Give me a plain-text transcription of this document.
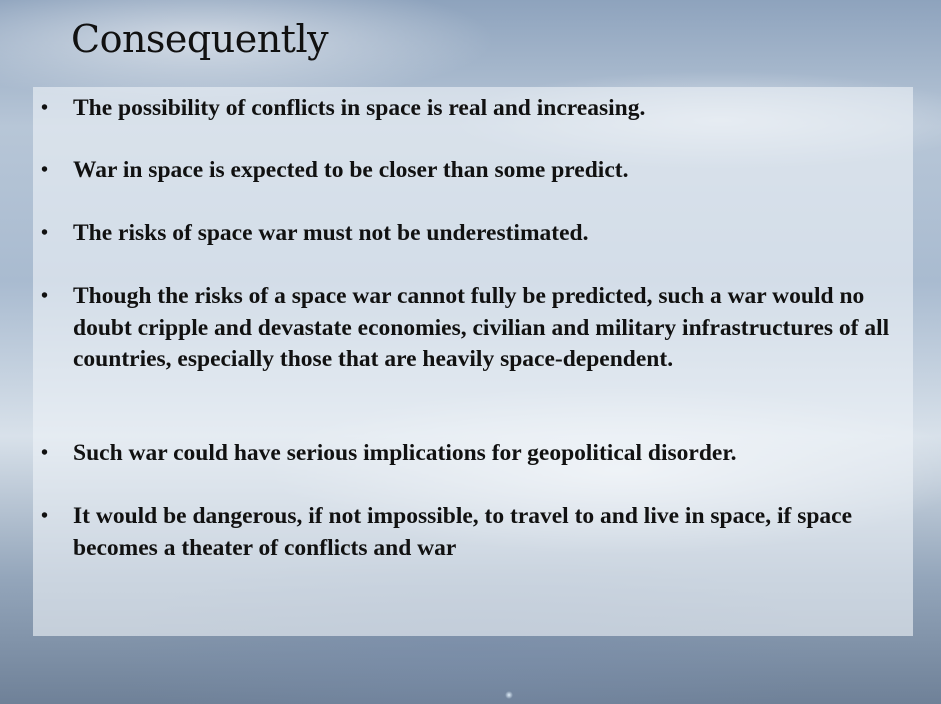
Consequently
• The possibility of conflicts in space is real and increasing.
• War in space is expected to be closer than some predict.
• The risks of space war must not be underestimated.
• Though the risks of a space war cannot fully be predicted, such a war would no doubt cripple and devastate economies, civilian and military infrastructures of all countries, especially those that are heavily space-dependent.
• Such war could have serious implications for geopolitical disorder.
• It would be dangerous, if not impossible, to travel to and live in space, if space becomes a theater of conflicts and war
